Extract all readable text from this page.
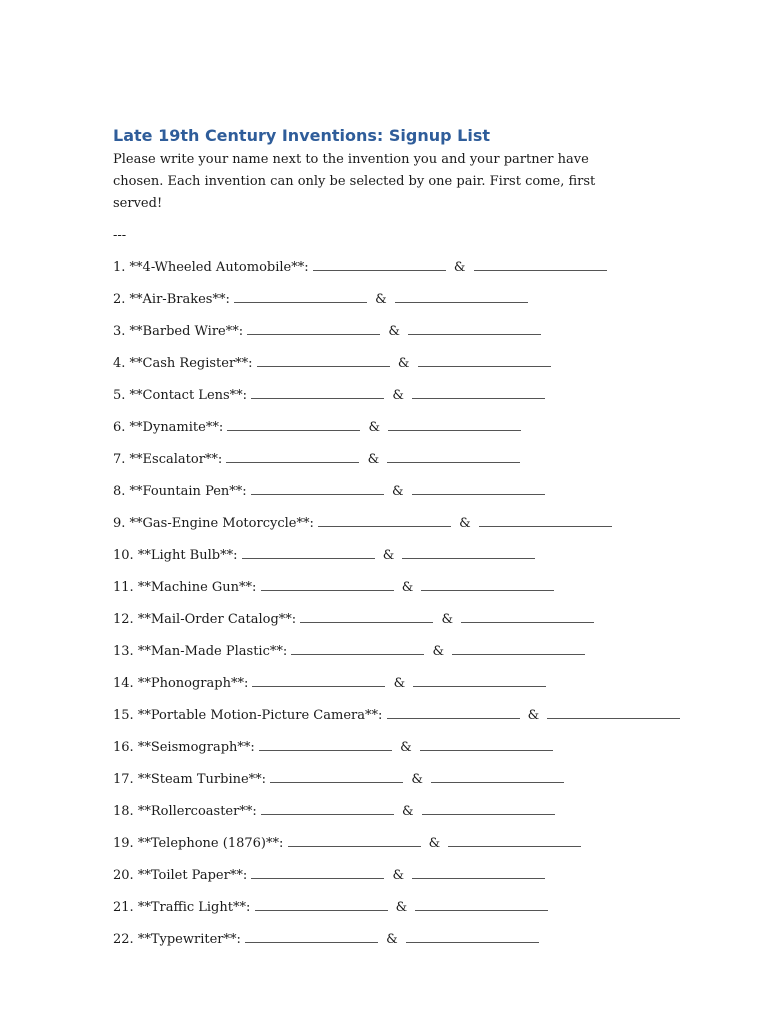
Late 19th Century Inventions: Signup List

Please write your name next to the invention you and your partner have chosen. Each invention can only be selected by one pair. First come, first served!

---
1. **4-Wheeled Automobile**:	&
2. **Air-Brakes**:	&
3. **Barbed Wire**:	&
4. **Cash Register**:	&
5. **Contact Lens**:	&
6. **Dynamite**:	&
7. **Escalator**:	&
8. **Fountain Pen**:	&
9. **Gas-Engine Motorcycle**:	&
10. **Light Bulb**:	&
11. **Machine Gun**:	&
12. **Mail-Order Catalog**:	&
13. **Man-Made Plastic**:	&
14. **Phonograph**:	&
15. **Portable Motion-Picture Camera**:	&
16. **Seismograph**:	&
17. **Steam Turbine**:	&
18. **Rollercoaster**:	&
19. **Telephone (1876)**:	&
20. **Toilet Paper**:	&
21. **Traffic Light**:	&
22. **Typewriter**:	&
